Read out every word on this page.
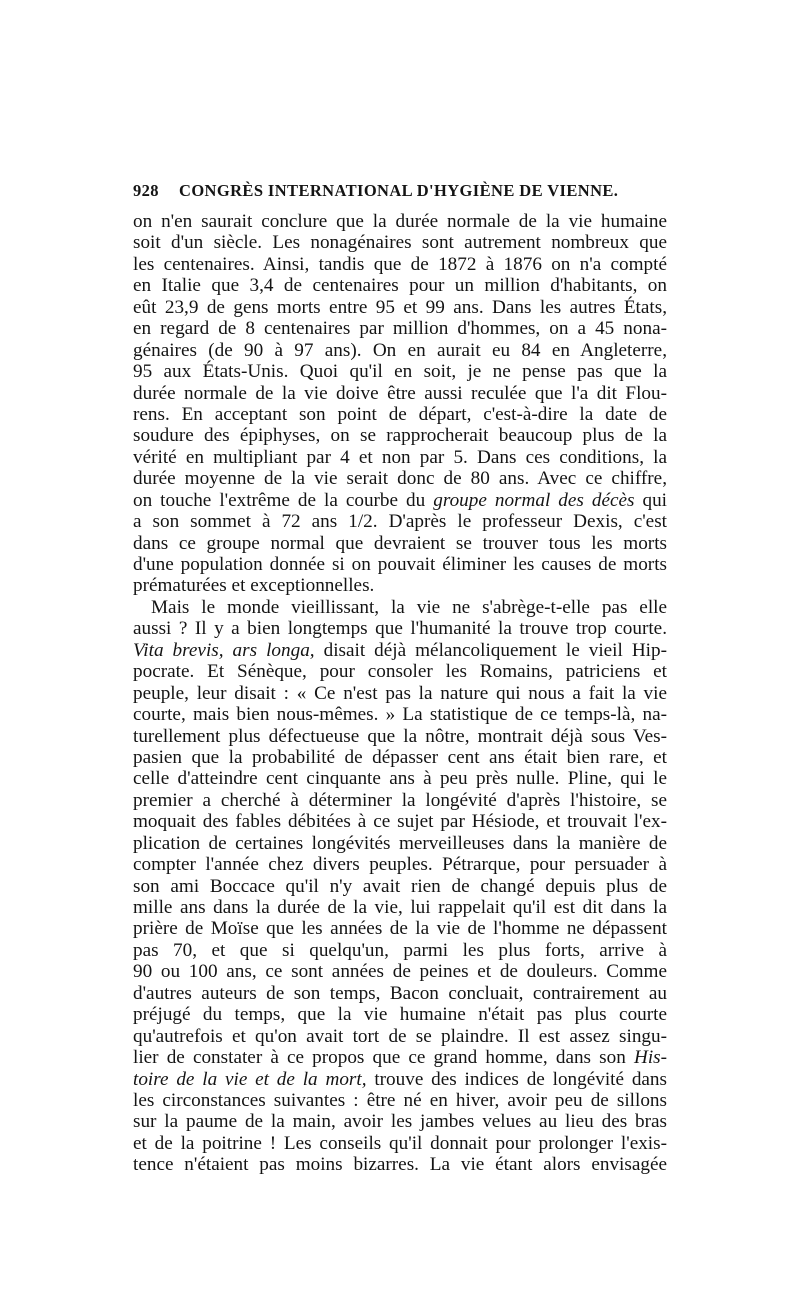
928 CONGRÈS INTERNATIONAL D'HYGIÈNE DE VIENNE.
on n'en saurait conclure que la durée normale de la vie humaine
soit d'un siècle. Les nonagénaires sont autrement nombreux que
les centenaires. Ainsi, tandis que de 1872 à 1876 on n'a compté
en Italie que 3,4 de centenaires pour un million d'habitants, on
eût 23,9 de gens morts entre 95 et 99 ans. Dans les autres États,
en regard de 8 centenaires par million d'hommes, on a 45 nona-
génaires (de 90 à 97 ans). On en aurait eu 84 en Angleterre,
95 aux États-Unis. Quoi qu'il en soit, je ne pense pas que la
durée normale de la vie doive être aussi reculée que l'a dit Flou-
rens. En acceptant son point de départ, c'est-à-dire la date de
soudure des épiphyses, on se rapprocherait beaucoup plus de la
vérité en multipliant par 4 et non par 5. Dans ces conditions, la
durée moyenne de la vie serait donc de 80 ans. Avec ce chiffre,
on touche l'extrême de la courbe du groupe normal des décès qui
a son sommet à 72 ans 1/2. D'après le professeur Dexis, c'est
dans ce groupe normal que devraient se trouver tous les morts
d'une population donnée si on pouvait éliminer les causes de morts
prématurées et exceptionnelles.
Mais le monde vieillissant, la vie ne s'abrège-t-elle pas elle
aussi ? Il y a bien longtemps que l'humanité la trouve trop courte.
Vita brevis, ars longa, disait déjà mélancoliquement le vieil Hip-
pocrate. Et Sénèque, pour consoler les Romains, patriciens et
peuple, leur disait : « Ce n'est pas la nature qui nous a fait la vie
courte, mais bien nous-mêmes. » La statistique de ce temps-là, na-
turellement plus défectueuse que la nôtre, montrait déjà sous Ves-
pasien que la probabilité de dépasser cent ans était bien rare, et
celle d'atteindre cent cinquante ans à peu près nulle. Pline, qui le
premier a cherché à déterminer la longévité d'après l'histoire, se
moquait des fables débitées à ce sujet par Hésiode, et trouvait l'ex-
plication de certaines longévités merveilleuses dans la manière de
compter l'année chez divers peuples. Pétrarque, pour persuader à
son ami Boccace qu'il n'y avait rien de changé depuis plus de
mille ans dans la durée de la vie, lui rappelait qu'il est dit dans la
prière de Moïse que les années de la vie de l'homme ne dépassent
pas 70, et que si quelqu'un, parmi les plus forts, arrive à
90 ou 100 ans, ce sont années de peines et de douleurs. Comme
d'autres auteurs de son temps, Bacon concluait, contrairement au
préjugé du temps, que la vie humaine n'était pas plus courte
qu'autrefois et qu'on avait tort de se plaindre. Il est assez singu-
lier de constater à ce propos que ce grand homme, dans son His-
toire de la vie et de la mort, trouve des indices de longévité dans
les circonstances suivantes : être né en hiver, avoir peu de sillons
sur la paume de la main, avoir les jambes velues au lieu des bras
et de la poitrine ! Les conseils qu'il donnait pour prolonger l'exis-
tence n'étaient pas moins bizarres. La vie étant alors envisagée
